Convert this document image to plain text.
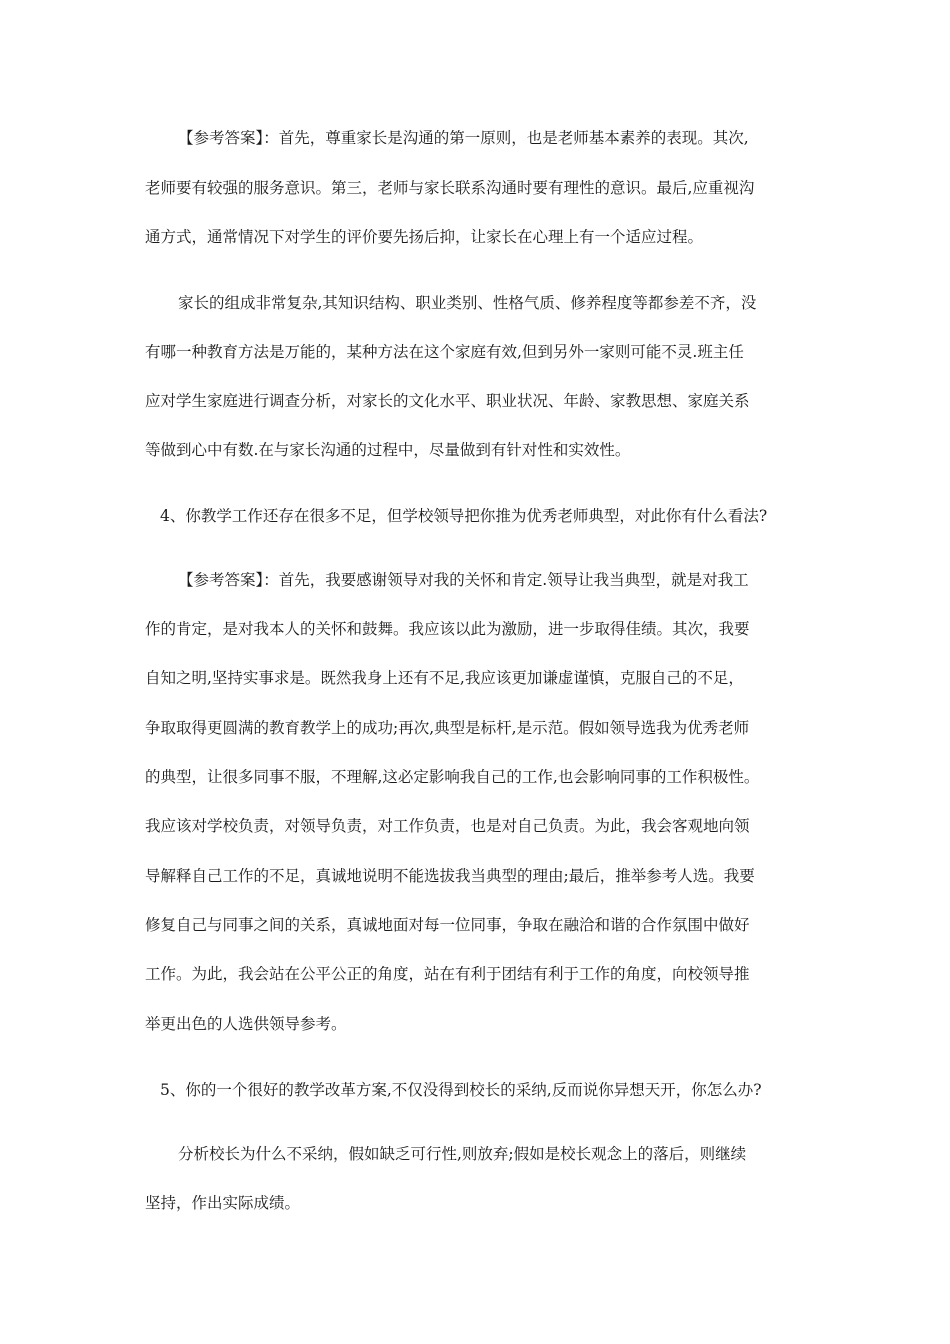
【参考答案】：首先，尊重家长是沟通的第一原则，也是老师基本素养的表现。其次,
老师要有较强的服务意识。第三，老师与家长联系沟通时要有理性的意识。最后,应重视沟
通方式，通常情况下对学生的评价要先扬后抑，让家长在心理上有一个适应过程。
家长的组成非常复杂,其知识结构、职业类别、性格气质、修养程度等都参差不齐，没
有哪一种教育方法是万能的，某种方法在这个家庭有效,但到另外一家则可能不灵.班主任
应对学生家庭进行调查分析，对家长的文化水平、职业状况、年龄、家教思想、家庭关系
等做到心中有数.在与家长沟通的过程中，尽量做到有针对性和实效性。
4、你教学工作还存在很多不足，但学校领导把你推为优秀老师典型，对此你有什么看法?
【参考答案】：首先，我要感谢领导对我的关怀和肯定.领导让我当典型，就是对我工
作的肯定，是对我本人的关怀和鼓舞。我应该以此为激励，进一步取得佳绩。其次，我要
自知之明,坚持实事求是。既然我身上还有不足,我应该更加谦虚谨慎，克服自己的不足，
争取取得更圆满的教育教学上的成功;再次,典型是标杆,是示范。假如领导选我为优秀老师
的典型，让很多同事不服，不理解,这必定影响我自己的工作,也会影响同事的工作积极性。
我应该对学校负责，对领导负责，对工作负责，也是对自己负责。为此，我会客观地向领
导解释自己工作的不足，真诚地说明不能选拔我当典型的理由;最后，推举参考人选。我要
修复自己与同事之间的关系，真诚地面对每一位同事，争取在融洽和谐的合作氛围中做好
工作。为此，我会站在公平公正的角度，站在有利于团结有利于工作的角度，向校领导推
举更出色的人选供领导参考。
5、你的一个很好的教学改革方案,不仅没得到校长的采纳,反而说你异想天开，你怎么办?
分析校长为什么不采纳，假如缺乏可行性,则放弃;假如是校长观念上的落后，则继续
坚持，作出实际成绩。
